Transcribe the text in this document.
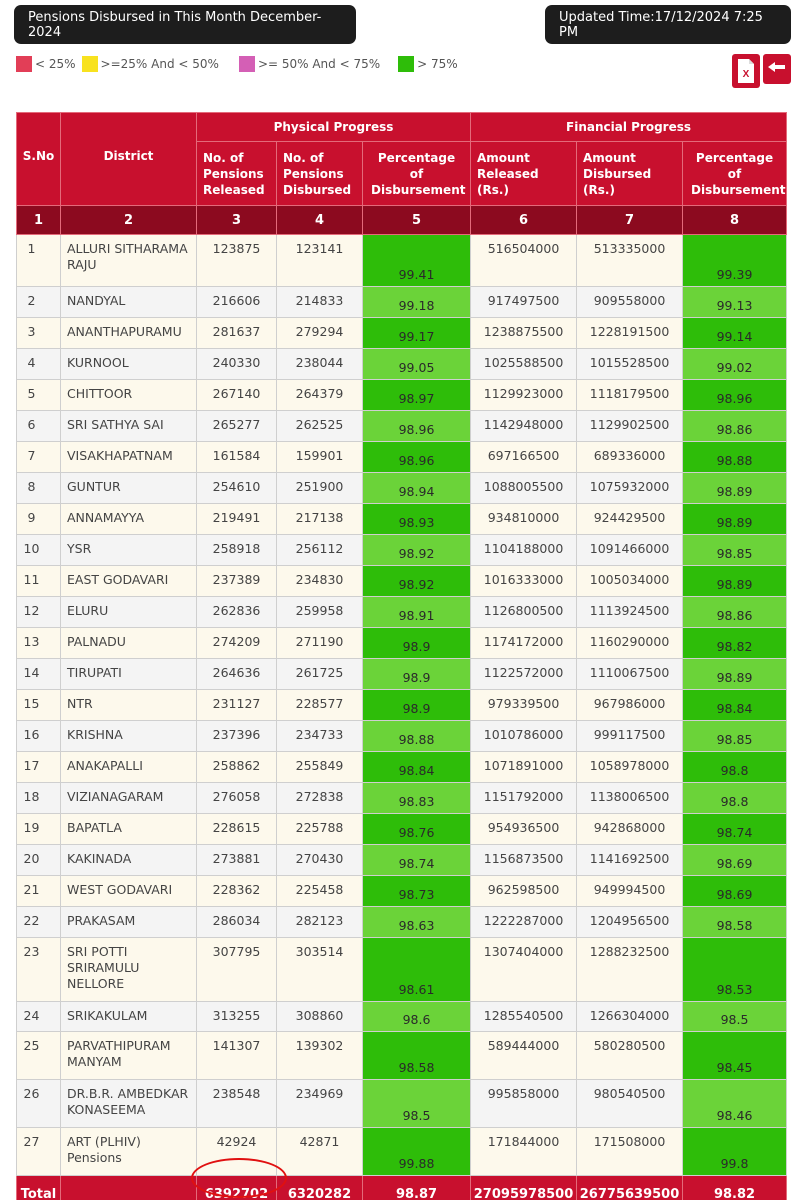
Pensions Disbursed in This Month December-2024
Updated Time:17/12/2024 7:25 PM
< 25% >=25% And < 50%	>= 50% And < 75%	> 75%
X
S.No	District	Physical Progress			Financial Progress		
		No. of Pensions Released	No. of Pensions Disbursed	Percentage of Disbursement	Amount Released (Rs.)	Amount Disbursed (Rs.)	Percentage of Disbursement
1	2	3	4	5	6	7	8
1	ALLURI SITHARAMA RAJU	123875	123141	99.41	516504000	513335000	99.39
2	NANDYAL	216606	214833	99.18	917497500	909558000	99.13
3	ANANTHAPURAMU	281637	279294	99.17	1238875500	1228191500	99.14
4	KURNOOL	240330	238044	99.05	1025588500	1015528500	99.02
5	CHITTOOR	267140	264379	98.97	1129923000	1118179500	98.96
6	SRI SATHYA SAI	265277	262525	98.96	1142948000	1129902500	98.86
7	VISAKHAPATNAM	161584	159901	98.96	697166500	689336000	98.88
8	GUNTUR	254610	251900	98.94	1088005500	1075932000	98.89
9	ANNAMAYYA	219491	217138	98.93	934810000	924429500	98.89
10	YSR	258918	256112	98.92	1104188000	1091466000	98.85
11	EAST GODAVARI	237389	234830	98.92	1016333000	1005034000	98.89
12	ELURU	262836	259958	98.91	1126800500	1113924500	98.86
13	PALNADU	274209	271190	98.9	1174172000	1160290000	98.82
14	TIRUPATI	264636	261725	98.9	1122572000	1110067500	98.89
15	NTR	231127	228577	98.9	979339500	967986000	98.84
16	KRISHNA	237396	234733	98.88	1010786000	999117500	98.85
17	ANAKAPALLI	258862	255849	98.84	1071891000	1058978000	98.8
18	VIZIANAGARAM	276058	272838	98.83	1151792000	1138006500	98.8
19	BAPATLA	228615	225788	98.76	954936500	942868000	98.74
20	KAKINADA	273881	270430	98.74	1156873500	1141692500	98.69
21	WEST GODAVARI	228362	225458	98.73	962598500	949994500	98.69
22	PRAKASAM	286034	282123	98.63	1222287000	1204956500	98.58
23	SRI POTTI SRIRAMULU NELLORE	307795	303514	98.61	1307404000	1288232500	98.53
24	SRIKAKULAM	313255	308860	98.6	1285540500	1266304000	98.5
25	PARVATHIPURAM MANYAM	141307	139302	98.58	589444000	580280500	98.45
26	DR.B.R. AMBEDKAR KONASEEMA	238548	234969	98.5	995858000	980540500	98.46
27	ART (PLHIV) Pensions	42924	42871	99.88	171844000	171508000	99.8
Total		6392702	6320282	98.87	27095978500	26775639500	98.82
